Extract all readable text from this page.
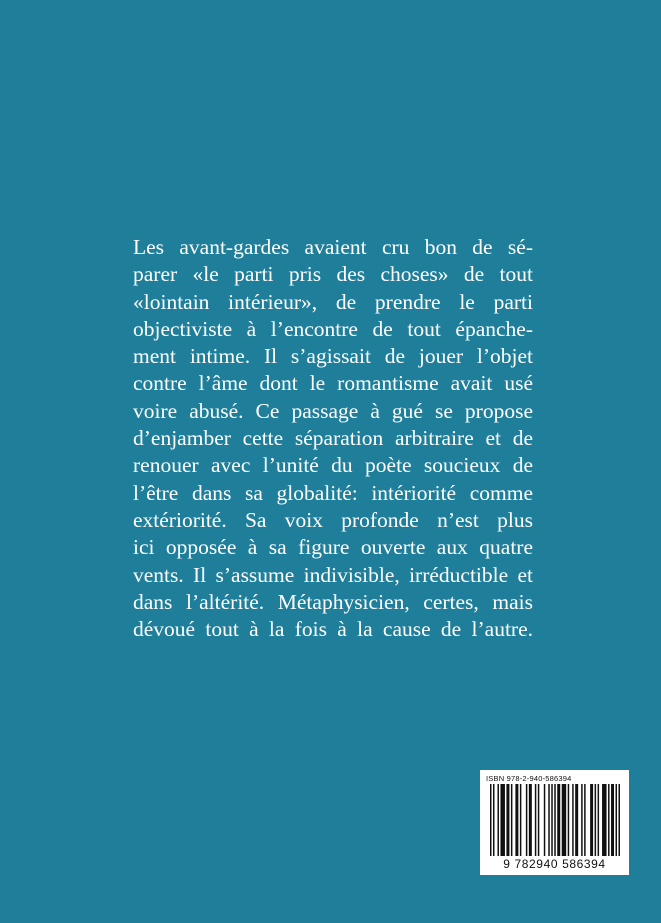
Les avant-gardes avaient cru bon de sé-
parer «le parti pris des choses» de tout
«lointain intérieur», de prendre le parti
objectiviste à l’encontre de tout épanche-
ment intime. Il s’agissait de jouer l’objet
contre l’âme dont le romantisme avait usé
voire abusé. Ce passage à gué se propose
d’enjamber cette séparation arbitraire et de
renouer avec l’unité du poète soucieux de
l’être dans sa globalité: intériorité comme
extériorité. Sa voix profonde n’est plus
ici opposée à sa figure ouverte aux quatre
vents. Il s’assume indivisible, irréductible et
dans l’altérité. Métaphysicien, certes, mais
dévoué tout à la fois à la cause de l’autre.
ISBN 978-2-940-586394
9 782940 586394
